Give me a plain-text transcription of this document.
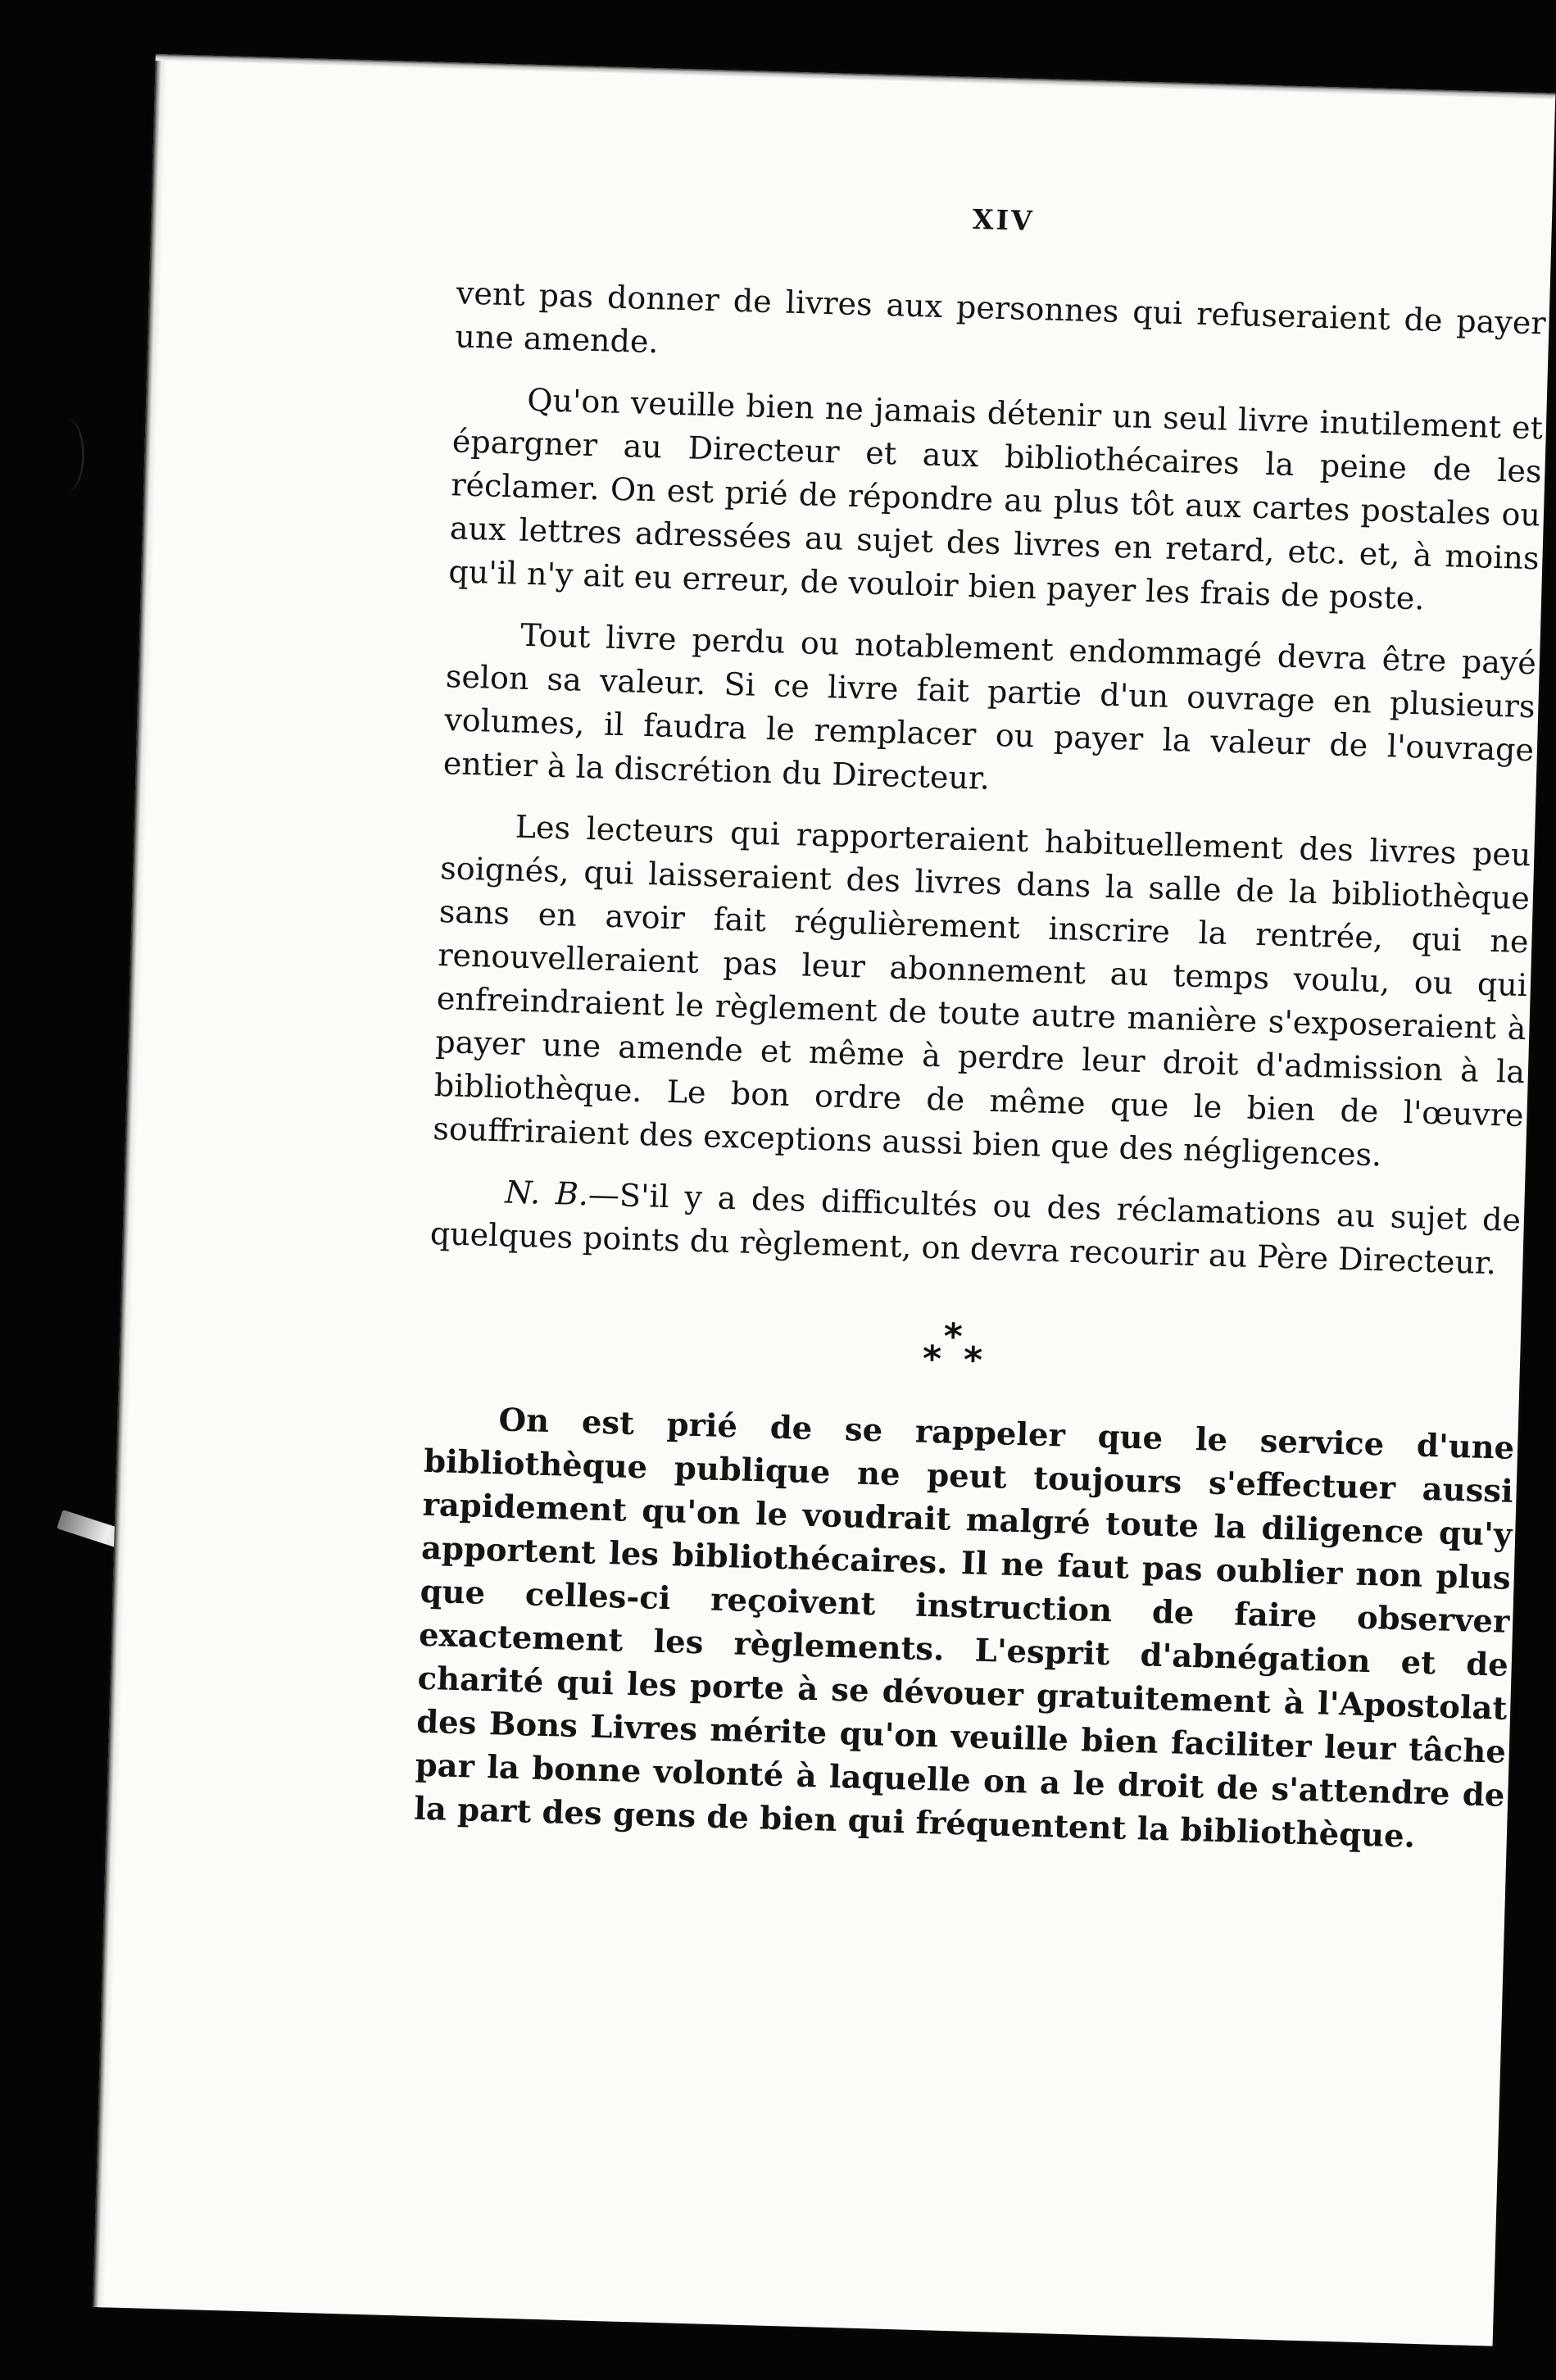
XIV

vent pas donner de livres aux personnes qui refuseraient de payer une amende.

Qu'on veuille bien ne jamais détenir un seul livre inutilement et épargner au Directeur et aux bibliothécaires la peine de les réclamer. On est prié de répondre au plus tôt aux cartes postales ou aux lettres adressées au sujet des livres en retard, etc. et, à moins qu'il n'y ait eu erreur, de vouloir bien payer les frais de poste.

Tout livre perdu ou notablement endommagé devra être payé selon sa valeur. Si ce livre fait partie d'un ouvrage en plusieurs volumes, il faudra le remplacer ou payer la valeur de l'ouvrage entier à la discrétion du Directeur.

Les lecteurs qui rapporteraient habituellement des livres peu soignés, qui laisseraient des livres dans la salle de la bibliothèque sans en avoir fait régulièrement inscrire la rentrée, qui ne renouvelleraient pas leur abonnement au temps voulu, ou qui enfreindraient le règlement de toute autre manière s'exposeraient à payer une amende et même à perdre leur droit d'admission à la bibliothèque. Le bon ordre de même que le bien de l'œuvre souffriraient des exceptions aussi bien que des négligences.

N. B.—S'il y a des difficultés ou des réclamations au sujet de quelques points du règlement, on devra recourir au Père Directeur.

*
* *

On est prié de se rappeler que le service d'une bibliothèque publique ne peut toujours s'effectuer aussi rapidement qu'on le voudrait malgré toute la diligence qu'y apportent les bibliothécaires. Il ne faut pas oublier non plus que celles-ci reçoivent instruction de faire observer exactement les règlements. L'esprit d'abnégation et de charité qui les porte à se dévouer gratuitement à l'Apostolat des Bons Livres mérite qu'on veuille bien faciliter leur tâche par la bonne volonté à laquelle on a le droit de s'attendre de la part des gens de bien qui fréquentent la bibliothèque.
